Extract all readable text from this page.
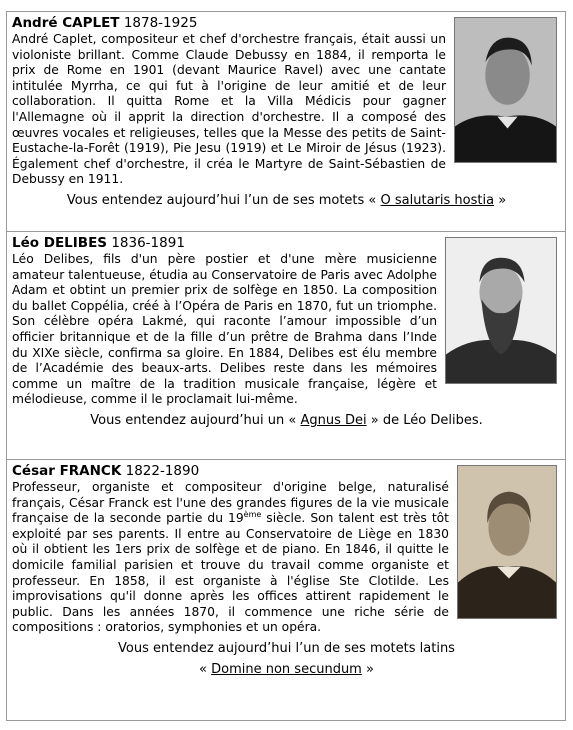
André CAPLET 1878-1925

André Caplet, compositeur et chef d'orchestre français, était aussi un violoniste brillant. Comme Claude Debussy en 1884, il remporta le prix de Rome en 1901 (devant Maurice Ravel) avec une cantate intitulée Myrrha, ce qui fut à l'origine de leur amitié et de leur collaboration. Il quitta Rome et la Villa Médicis pour gagner l'Allemagne où il apprit la direction d'orchestre. Il a composé des œuvres vocales et religieuses, telles que la Messe des petits de Saint-Eustache-la-Forêt (1919), Pie Jesu (1919) et Le Miroir de Jésus (1923). Également chef d'orchestre, il créa le Martyre de Saint-Sébastien de Debussy en 1911.

Vous entendez aujourd’hui l’un de ses motets « O salutaris hostia »
Léo DELIBES 1836-1891

Léo Delibes, fils d'un père postier et d'une mère musicienne amateur talentueuse, étudia au Conservatoire de Paris avec Adolphe Adam et obtint un premier prix de solfège en 1850. La composition du ballet Coppélia, créé à l’Opéra de Paris en 1870, fut un triomphe. Son célèbre opéra Lakmé, qui raconte l’amour impossible d’un officier britannique et de la fille d’un prêtre de Brahma dans l’Inde du XIXe siècle, confirma sa gloire. En 1884, Delibes est élu membre de l’Académie des beaux-arts. Delibes reste dans les mémoires comme un maître de la tradition musicale française, légère et mélodieuse, comme il le proclamait lui-même.

Vous entendez aujourd’hui un « Agnus Dei » de Léo Delibes.
César FRANCK 1822-1890

Professeur, organiste et compositeur d'origine belge, naturalisé français, César Franck est l'une des grandes figures de la vie musicale française de la seconde partie du 19ème siècle. Son talent est très tôt exploité par ses parents. Il entre au Conservatoire de Liège en 1830 où il obtient les 1ers prix de solfège et de piano. En 1846, il quitte le domicile familial parisien et trouve du travail comme organiste et professeur. En 1858, il est organiste à l'église Ste Clotilde. Les improvisations qu'il donne après les offices attirent rapidement le public. Dans les années 1870, il commence une riche série de compositions : oratorios, symphonies et un opéra.

Vous entendez aujourd’hui l’un de ses motets latins
« Domine non secundum »
